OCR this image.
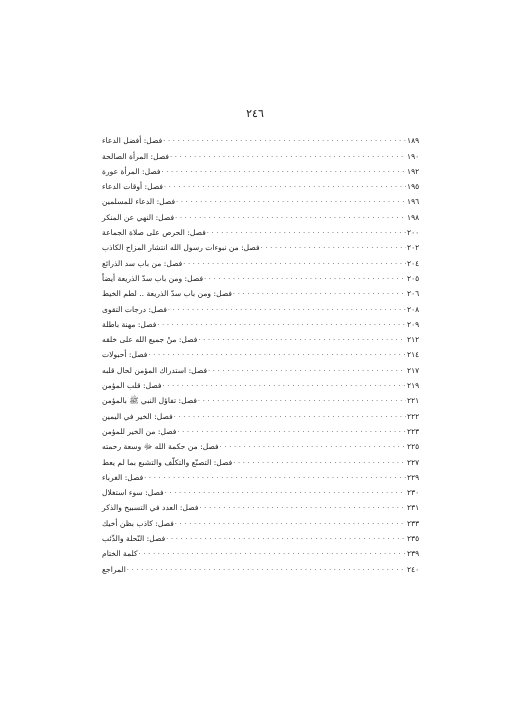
٢٤٦
فصل: أفضل الدعاء . . .	١٨٩
فصل: المرأة الصالحة . . .	١٩٠
فصل: المرأة عورة . . .	١٩٢
فصل: أوقات الدعاء . . .	١٩٥
فصل: الدعاء للمسلمين . . .	١٩٦
فصل: النهي عن المنكر . . .	١٩٨
فصل: الحرص على صلاة الجماعة . . .	٢٠٠
فصل: من نبوءات رسول الله انتشار المزاح الكاذب . . .	٢٠٢
فصل: من باب سد الذرائع . . .	٢٠٤
فصل: ومن باب سدّ الذريعة أيضاً . . .	٢٠٥
فصل: ومن باب سدّ الذريعة .. لطم الخيط . . .	٢٠٦
فصل: درجات التقوى . . .	٢٠٨
فصل: مهنة باطلة . . .	٢٠٩
فصل: منْ جميع الله على خلقه . . .	٢١٢
فصل: أحبولات . . .	٢١٤
فصل: استدراك المؤمن لحال قلبه . . .	٢١٧
فصل: قلب المؤمن . . .	٢١٩
فصل: تفاؤل النبي ﷺ بالمؤمن . . .	٢٢١
فصل: الخير في اليمين . . .	٢٢٢
فصل: من الخير للمؤمن . . .	٢٢٣
فصل: من حكمة الله ﷻ وسعة رحمته . . .	٢٢٥
فصل: التصنّع والتكلّف والتشبع بما لم يعط . . .	٢٢٧
فصل: الغرباء . . .	٢٢٩
فصل: سوء استغلال . . .	٢٣٠
فصل: العدد في التسبيح والذكر . . .	٢٣١
فصل: كاذب بظن أخيك . . .	٢٣٣
فصل: النّحلة والذّئب . . .	٢٣٥
كلمة الختام . . .	٢٣٩
المراجع . . .	٢٤٠
